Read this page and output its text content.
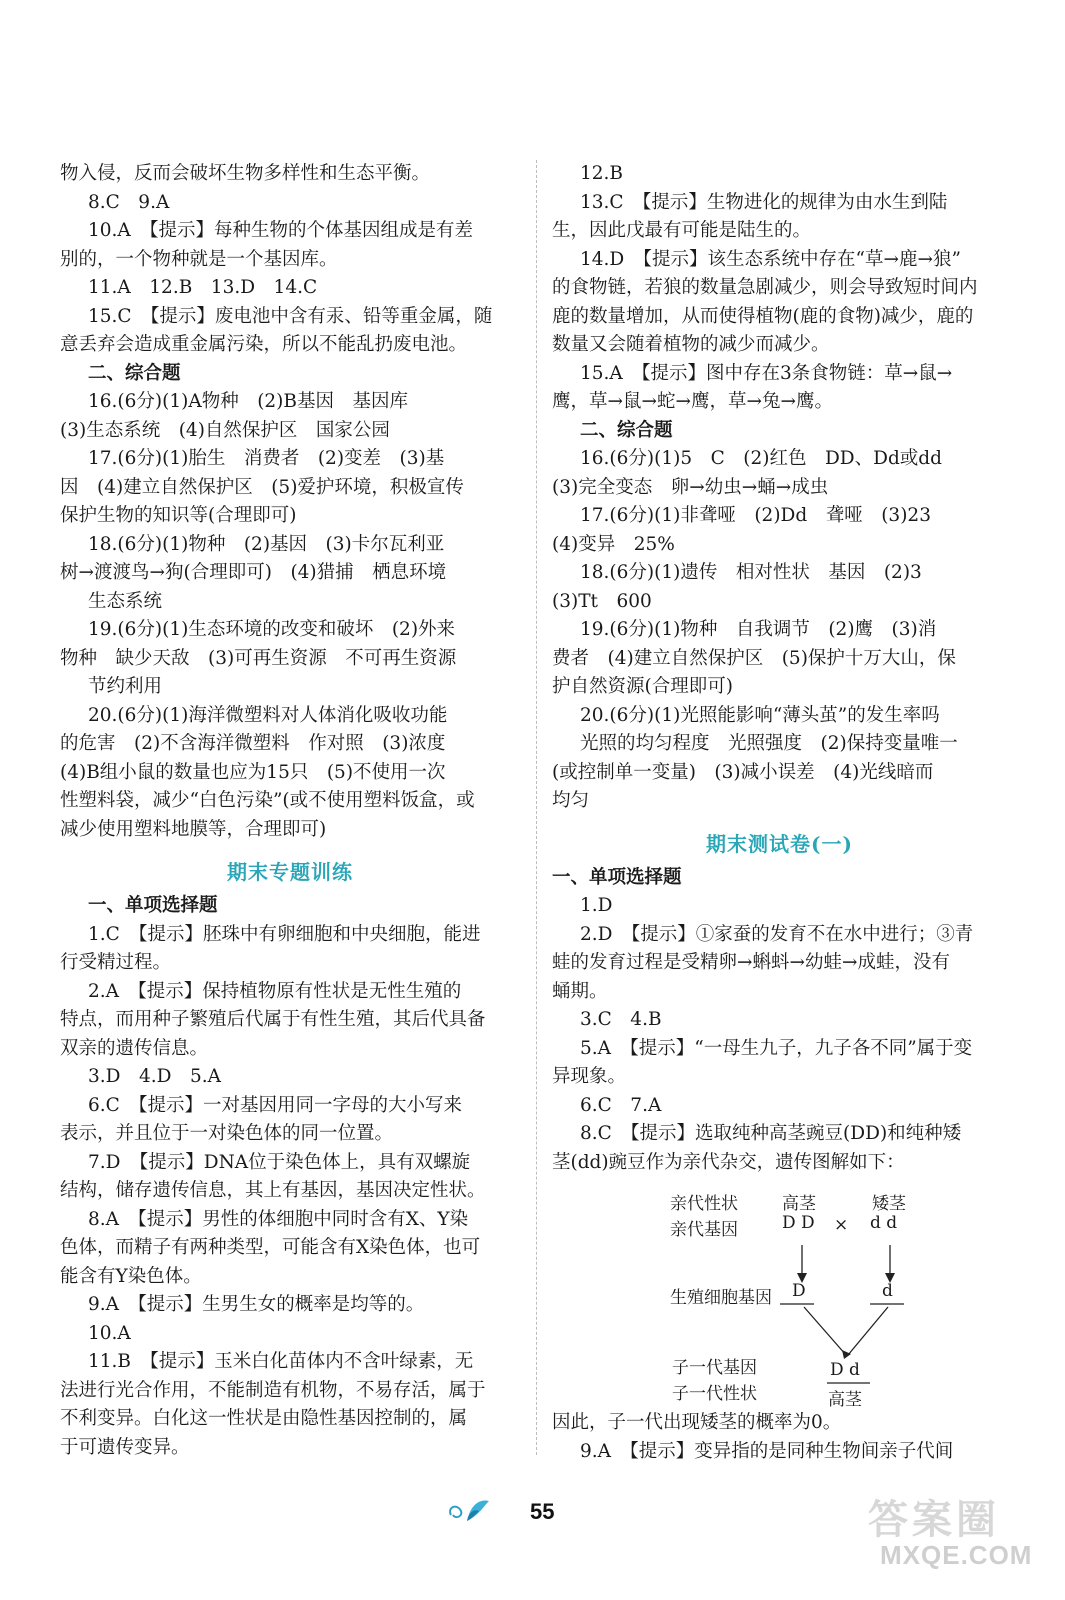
物入侵，反而会破坏生物多样性和生态平衡。
8.C　9.A
10.A　【提示】每种生物的个体基因组成是有差
别的，一个物种就是一个基因库。
11.A　12.B　13.D　14.C
15.C　【提示】废电池中含有汞、铅等重金属，随
意丢弃会造成重金属污染，所以不能乱扔废电池。
二、综合题
16.(6分)(1)A物种　(2)B基因　基因库
(3)生态系统　(4)自然保护区　国家公园
17.(6分)(1)胎生　消费者　(2)变差　(3)基
因　(4)建立自然保护区　(5)爱护环境，积极宣传
保护生物的知识等(合理即可)
18.(6分)(1)物种　(2)基因　(3)卡尔瓦利亚
树→渡渡鸟→狗(合理即可)　(4)猎捕　栖息环境
生态系统
19.(6分)(1)生态环境的改变和破坏　(2)外来
物种　缺少天敌　(3)可再生资源　不可再生资源
节约利用
20.(6分)(1)海洋微塑料对人体消化吸收功能
的危害　(2)不含海洋微塑料　作对照　(3)浓度
(4)B组小鼠的数量也应为15只　(5)不使用一次
性塑料袋，减少“白色污染”(或不使用塑料饭盒，或
减少使用塑料地膜等，合理即可)
期末专题训练
一、单项选择题
1.C　【提示】胚珠中有卵细胞和中央细胞，能进
行受精过程。
2.A　【提示】保持植物原有性状是无性生殖的
特点，而用种子繁殖后代属于有性生殖，其后代具备
双亲的遗传信息。
3.D　4.D　5.A
6.C　【提示】一对基因用同一字母的大小写来
表示，并且位于一对染色体的同一位置。
7.D　【提示】DNA位于染色体上，具有双螺旋
结构，储存遗传信息，其上有基因，基因决定性状。
8.A　【提示】男性的体细胞中同时含有X、Y染
色体，而精子有两种类型，可能含有X染色体，也可
能含有Y染色体。
9.A　【提示】生男生女的概率是均等的。
10.A
11.B　【提示】玉米白化苗体内不含叶绿素，无
法进行光合作用，不能制造有机物，不易存活，属于
不利变异。白化这一性状是由隐性基因控制的，属
于可遗传变异。
12.B
13.C　【提示】生物进化的规律为由水生到陆
生，因此戊最有可能是陆生的。
14.D　【提示】该生态系统中存在“草→鹿→狼”
的食物链，若狼的数量急剧减少，则会导致短时间内
鹿的数量增加，从而使得植物(鹿的食物)减少，鹿的
数量又会随着植物的减少而减少。
15.A　【提示】图中存在3条食物链：草→鼠→
鹰，草→鼠→蛇→鹰，草→兔→鹰。
二、综合题
16.(6分)(1)5　C　(2)红色　DD、Dd或dd
(3)完全变态　卵→幼虫→蛹→成虫
17.(6分)(1)非聋哑　(2)Dd　聋哑　(3)23
(4)变异　25%
18.(6分)(1)遗传　相对性状　基因　(2)3
(3)Tt　600
19.(6分)(1)物种　自我调节　(2)鹰　(3)消
费者　(4)建立自然保护区　(5)保护十万大山，保
护自然资源(合理即可)
20.(6分)(1)光照能影响“薄头茧”的发生率吗
光照的均匀程度　光照强度　(2)保持变量唯一
(或控制单一变量)　(3)减小误差　(4)光线暗而
均匀
期末测试卷(一)
一、单项选择题
1.D
2.D　【提示】①家蚕的发育不在水中进行；③青
蛙的发育过程是受精卵→蝌蚪→幼蛙→成蛙，没有
蛹期。
3.C　4.B
5.A　【提示】“一母生九子，九子各不同”属于变
异现象。
6.C　7.A
8.C　【提示】选取纯种高茎豌豆(DD)和纯种矮
茎(dd)豌豆作为亲代杂交，遗传图解如下：
亲代性状
亲代基因
高茎	矮茎
D D × d d
生殖细胞基因 D	d
子一代基因
子一代性状
D d
高茎
因此，子一代出现矮茎的概率为0。
9.A　【提示】变异指的是同种生物间亲子代间
55	答案圈
MXQE.COM
